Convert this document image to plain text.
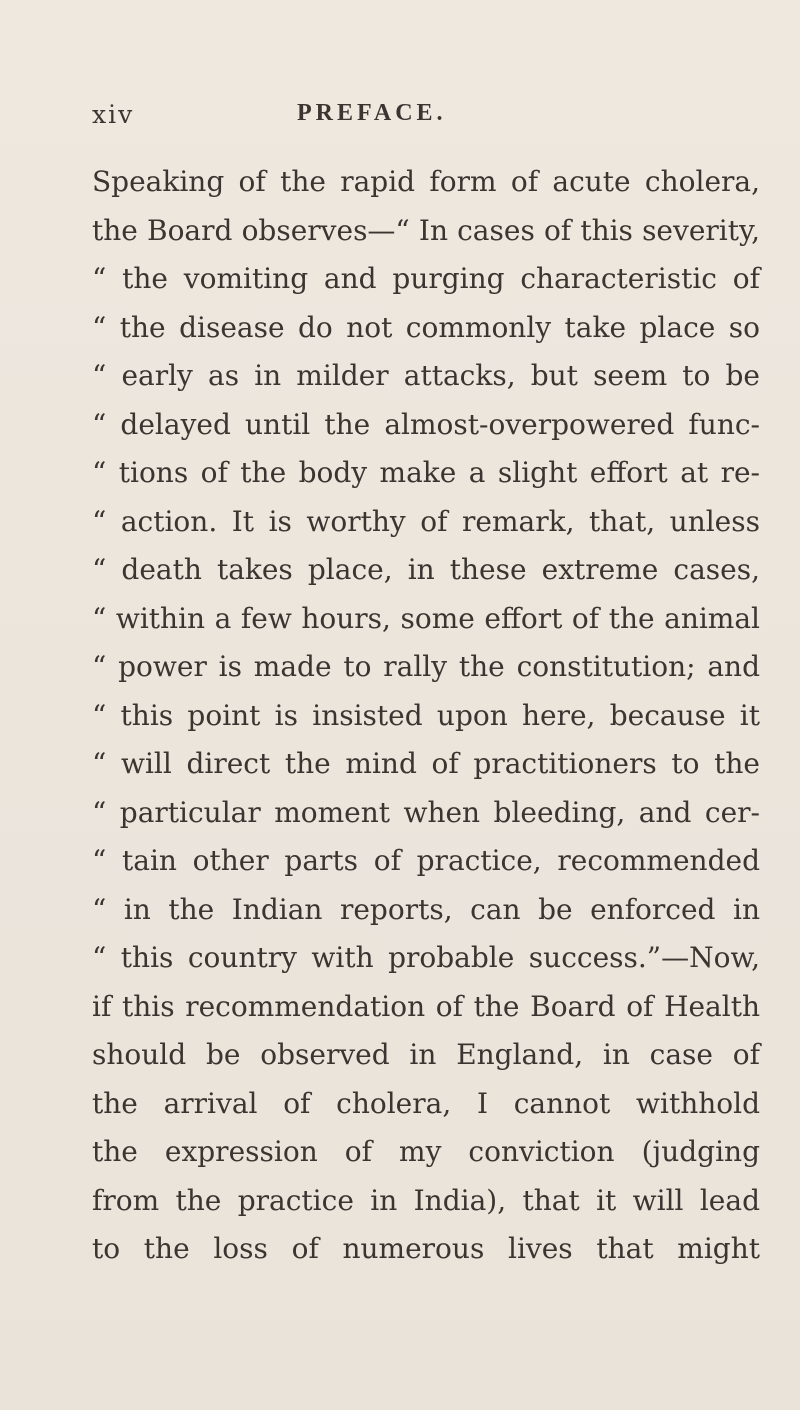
xiv	PREFACE.
Speaking of the rapid form of acute cholera,
the Board observes—“ In cases of this severity,
“ the vomiting and purging characteristic of
“ the disease do not commonly take place so
“ early as in milder attacks, but seem to be
“ delayed until the almost-overpowered func-
“ tions of the body make a slight effort at re-
“ action. It is worthy of remark, that, unless
“ death takes place, in these extreme cases,
“ within a few hours, some effort of the animal
“ power is made to rally the constitution; and
“ this point is insisted upon here, because it
“ will direct the mind of practitioners to the
“ particular moment when bleeding, and cer-
“ tain other parts of practice, recommended
“ in the Indian reports, can be enforced in
“ this country with probable success.”—Now,
if this recommendation of the Board of Health
should be observed in England, in case of
the arrival of cholera, I cannot withhold
the expression of my conviction (judging
from the practice in India), that it will lead
to the loss of numerous lives that might
